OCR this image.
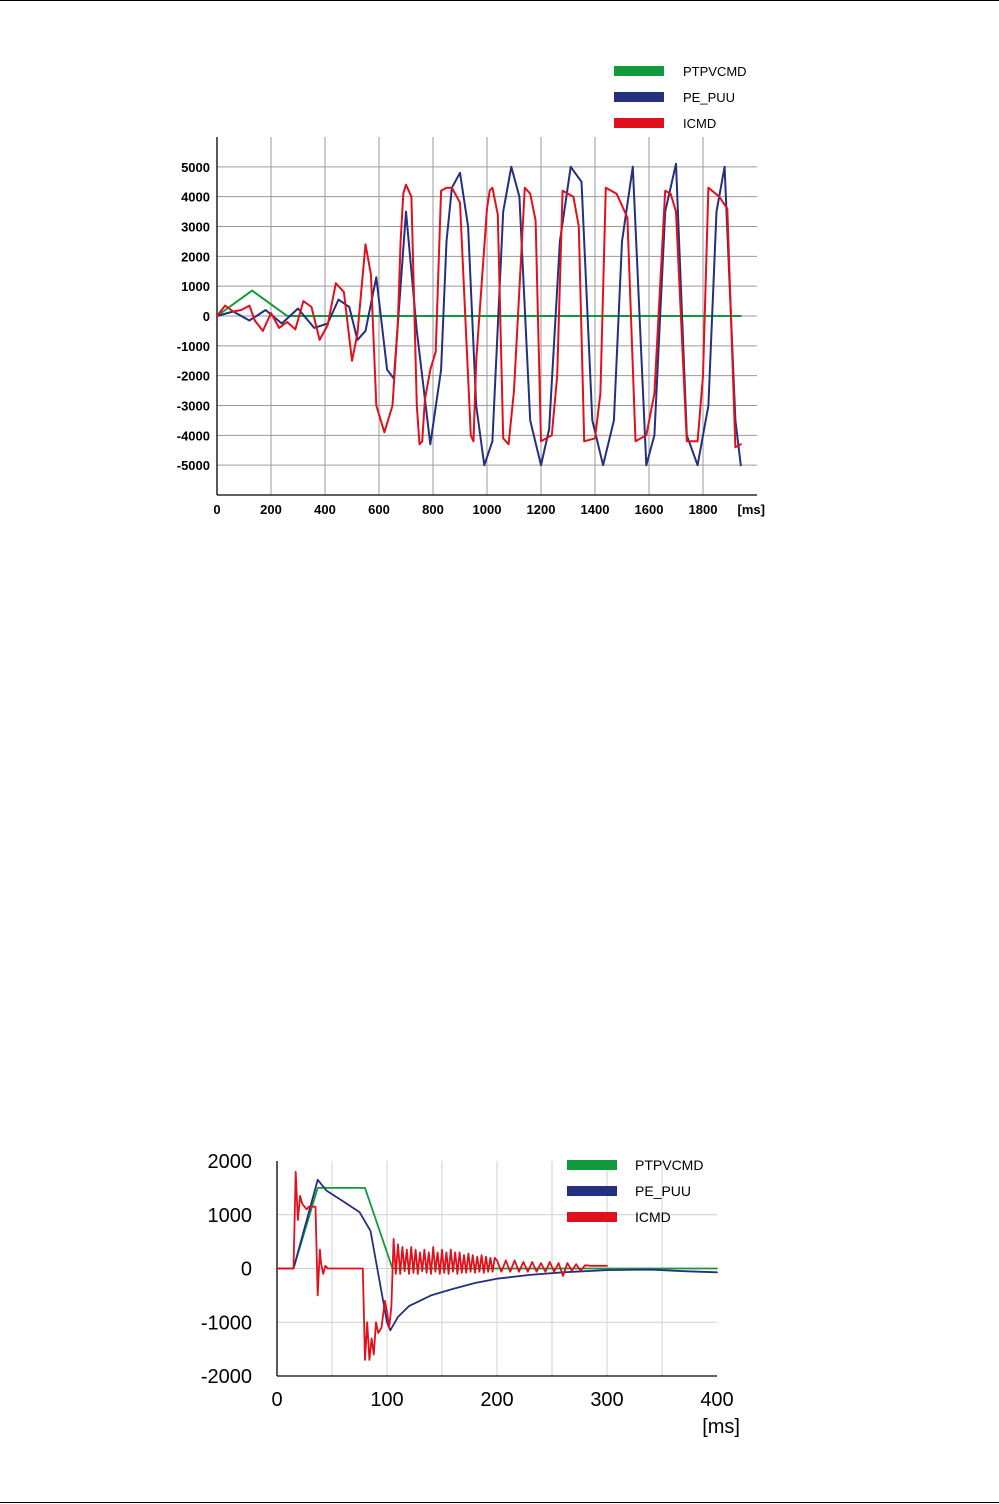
5000
4000
3000
2000
1000
0
-1000
-2000
-3000
-4000
-5000
0	200 400 600 800 1000 1200 1400 1600 1800 [ms]
PTPVCMD
PE_PUU
ICMD
2000
1000
0
-1000
-2000
0	100	200	300	400
[ms]
PTPVCMD
PE_PUU
ICMD
